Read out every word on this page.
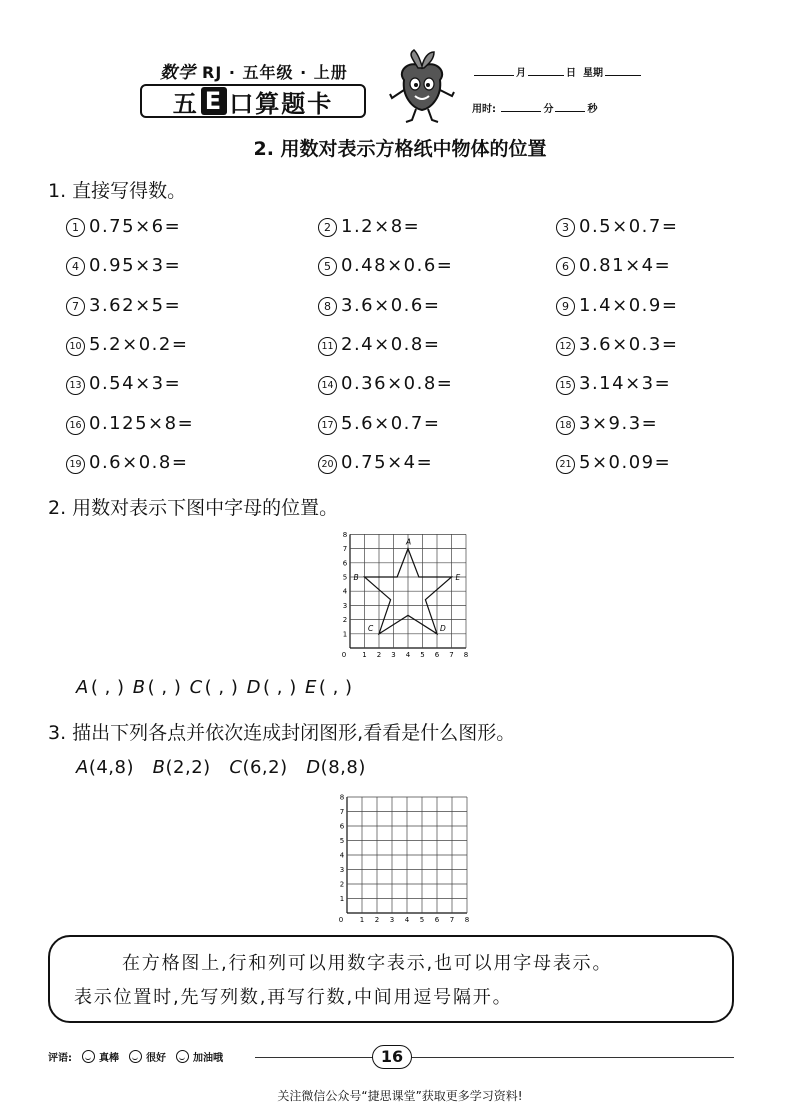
数学 RJ · 五年级 · 上册
五 E 口算题卡
月	日 星期
用时:	分	秒
2. 用数对表示方格纸中物体的位置
1. 直接写得数。
1 0.75×6=	2 1.2×8=	3 0.5×0.7=
4 0.95×3=	5 0.48×0.6=	6 0.81×4=
7 3.62×5=	8 3.6×0.6=	9 1.4×0.9=
10 5.2×0.2=	11 2.4×0.8=	12 3.6×0.3=
13 0.54×3=	14 0.36×0.8=	15 3.14×3=
16 0.125×8=	17 5.6×0.7=	18 3×9.3=
19 0.6×0.8=	20 0.75×4=	21 5×0.09=
2. 用数对表示下图中字母的位置。
0 1 2 3 4 5 6 7 8
1
2
3
4
5
6
7
8
A
B
C	D
E
A ( , ) B ( , ) C ( , ) D ( , ) E ( , )
3. 描出下列各点并依次连成封闭图形,看看是什么图形。
A(4,8) B(2,2) C(6,2) D(8,8)
0 1 2 3 4 5 6 7 8
1
2
3
4
5
6
7
8
在方格图上,行和列可以用数字表示,也可以用字母表示。
表示位置时,先写列数,再写行数,中间用逗号隔开。
评语:	真棒	很好	加油哦	16
关注微信公众号“捷思课堂”获取更多学习资料!
